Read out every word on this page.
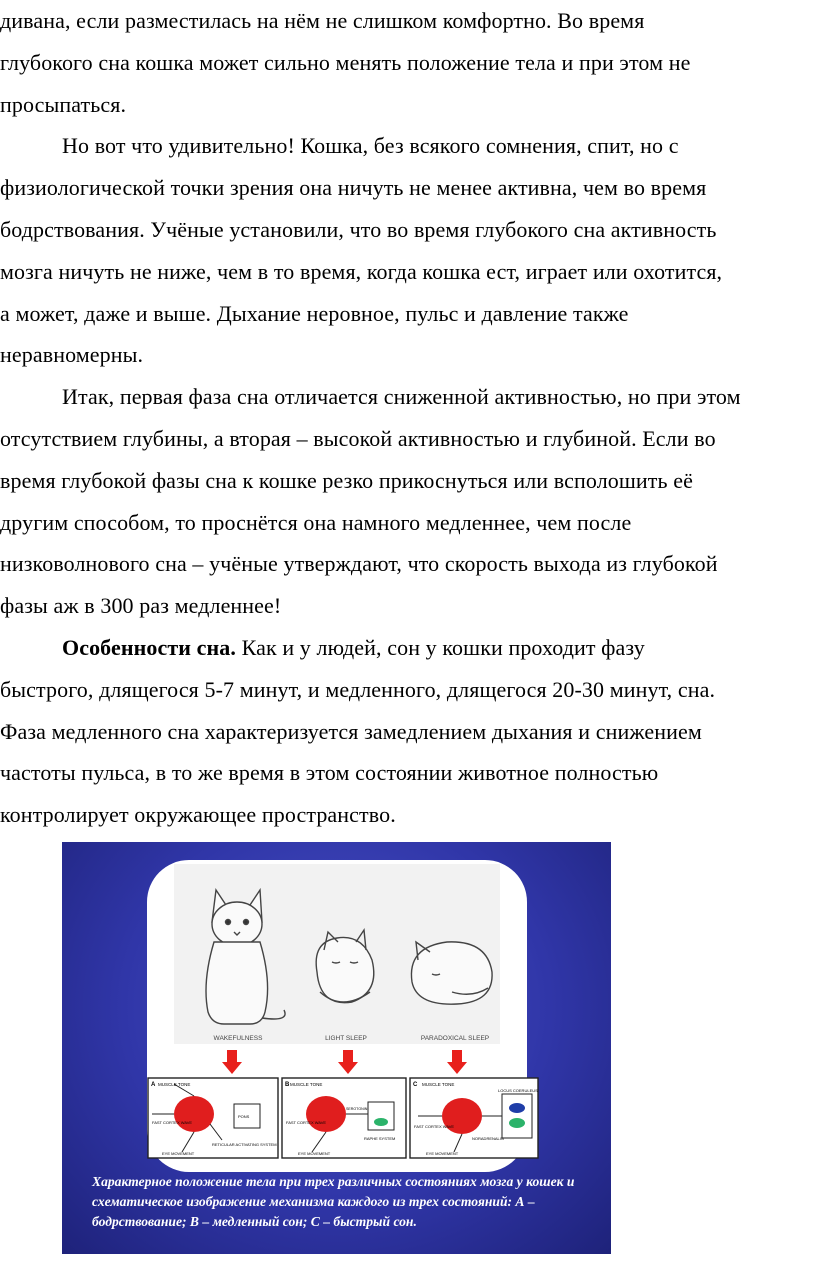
дивана, если разместилась на нём не слишком комфортно. Во время
глубокого сна кошка может сильно менять положение тела и при этом не
просыпаться.
Но вот что удивительно! Кошка, без всякого сомнения, спит, но с
физиологической точки зрения она ничуть не менее активна, чем во время
бодрствования. Учёные установили, что во время глубокого сна активность
мозга ничуть не ниже, чем в то время, когда кошка ест, играет или охотится,
а может, даже и выше. Дыхание неровное, пульс и давление также
неравномерны.
Итак, первая фаза сна отличается сниженной активностью, но при этом
отсутствием глубины, а вторая – высокой активностью и глубиной. Если во
время глубокой фазы сна к кошке резко прикоснуться или всполошить её
другим способом, то проснётся она намного медленнее, чем после
низковолнового сна – учёные утверждают, что скорость выхода из глубокой
фазы аж в 300 раз медленнее!
Особенности сна. Как и у людей, сон у кошки проходит фазу
быстрого, длящегося 5-7 минут, и медленного, длящегося 20-30 минут, сна.
Фаза медленного сна характеризуется замедлением дыхания и снижением
частоты пульса, в то же время в этом состоянии животное полностью
контролирует окружающее пространство.
WAKEFULNESS	LIGHT SLEEP	PARADOXICAL SLEEP
A	B	C
MUSCLE TONE	MUSCLE TONE	MUSCLE TONE
FAST CORTEX WAVE	FAST CORTEX WAVE
FAST CORTEX WAVE
EYE MOVEMENT	EYE MOVEMENT	EYE MOVEMENT
RETICULAR ACTIVATING SYSTEM
PONS
RAPHE SYSTEM
SEROTONIN
LOCUS COERULEUS
NORADRENALIN
Характерное положение тела при трех различных состояниях мозга у кошек и
схематическое изображение механизма каждого из трех состояний: А –
бодрствование; В – медленный сон; С – быстрый сон.
